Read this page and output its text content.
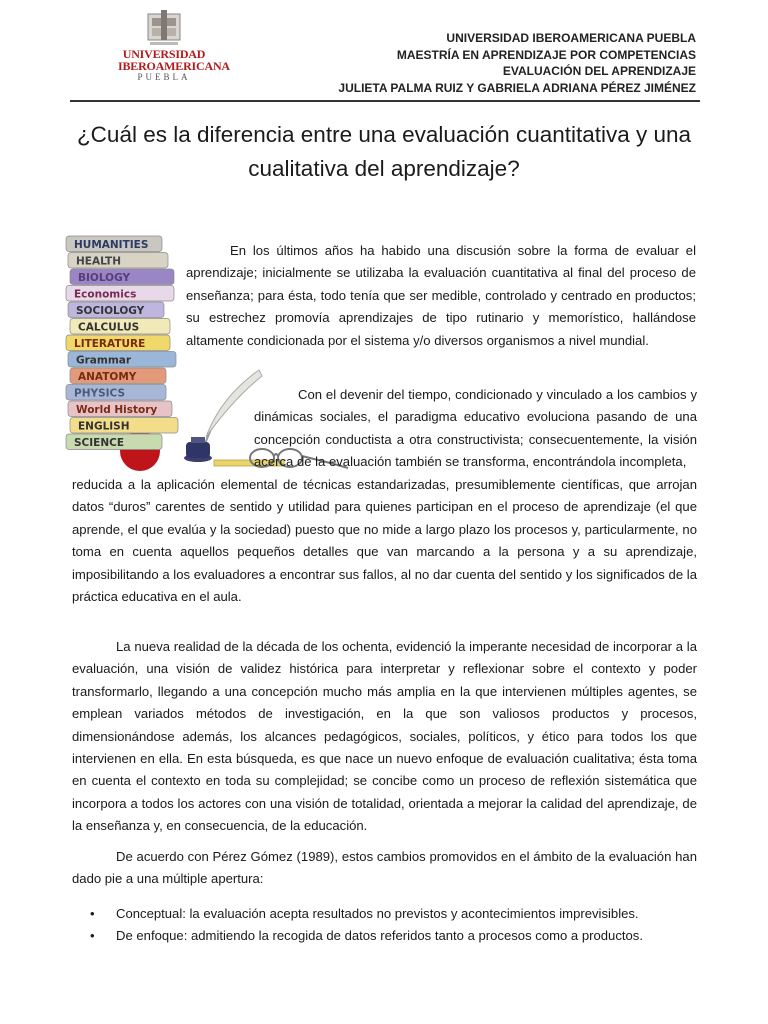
UNIVERSIDAD
IBEROAMERICANA
PUEBLA
UNIVERSIDAD IBEROAMERICANA PUEBLA
MAESTRÍA EN APRENDIZAJE POR COMPETENCIAS
EVALUACIÓN DEL APRENDIZAJE
JULIETA PALMA RUIZ Y GABRIELA ADRIANA PÉREZ JIMÉNEZ
¿Cuál es la diferencia entre una evaluación cuantitativa y una cualitativa del aprendizaje?
HUMANITIES
HEALTH
BIOLOGY
Economics
SOCIOLOGY
CALCULUS
LITERATURE
Grammar
ANATOMY
PHYSICS
World History
ENGLISH
SCIENCE
En los últimos años ha habido una discusión sobre la forma de evaluar el aprendizaje; inicialmente se utilizaba la evaluación cuantitativa al final del proceso de enseñanza; para ésta, todo tenía que ser medible, controlado y centrado en productos; su estrechez promovía aprendizajes de tipo rutinario y memorístico, hallándose altamente condicionada por el sistema y/o diversos organismos a nivel mundial.
Con el devenir del tiempo, condicionado y vinculado a los cambios y dinámicas sociales, el paradigma educativo evoluciona pasando de una concepción conductista a otra constructivista; consecuentemente, la visión acerca de la evaluación también se transforma, encontrándola incompleta,
reducida a la aplicación elemental de técnicas estandarizadas, presumiblemente científicas, que arrojan datos “duros” carentes de sentido y utilidad para quienes participan en el proceso de aprendizaje (el que aprende, el que evalúa y la sociedad) puesto que no mide a largo plazo los procesos y, particularmente, no toma en cuenta aquellos pequeños detalles que van marcando a la persona y a su aprendizaje, imposibilitando a los evaluadores a encontrar sus fallos, al no dar cuenta del sentido y los significados de la práctica educativa en el aula.
La nueva realidad de la década de los ochenta, evidenció la imperante necesidad de incorporar a la evaluación, una visión de validez histórica para interpretar y reflexionar sobre el contexto y poder transformarlo, llegando a una concepción mucho más amplia en la que intervienen múltiples agentes, se emplean variados métodos de investigación, en la que son valiosos productos y procesos, dimensionándose además, los alcances pedagógicos, sociales, políticos, y ético para todos los que intervienen en ella. En esta búsqueda, es que nace un nuevo enfoque de evaluación cualitativa; ésta toma en cuenta el contexto en toda su complejidad; se concibe como un proceso de reflexión sistemática que incorpora a todos los actores con una visión de totalidad, orientada a mejorar la calidad del aprendizaje, de la enseñanza y, en consecuencia, de la educación.
De acuerdo con Pérez Gómez (1989), estos cambios promovidos en el ámbito de la evaluación han dado pie a una múltiple apertura:
• Conceptual: la evaluación acepta resultados no previstos y acontecimientos imprevisibles.
• De enfoque: admitiendo la recogida de datos referidos tanto a procesos como a productos.
